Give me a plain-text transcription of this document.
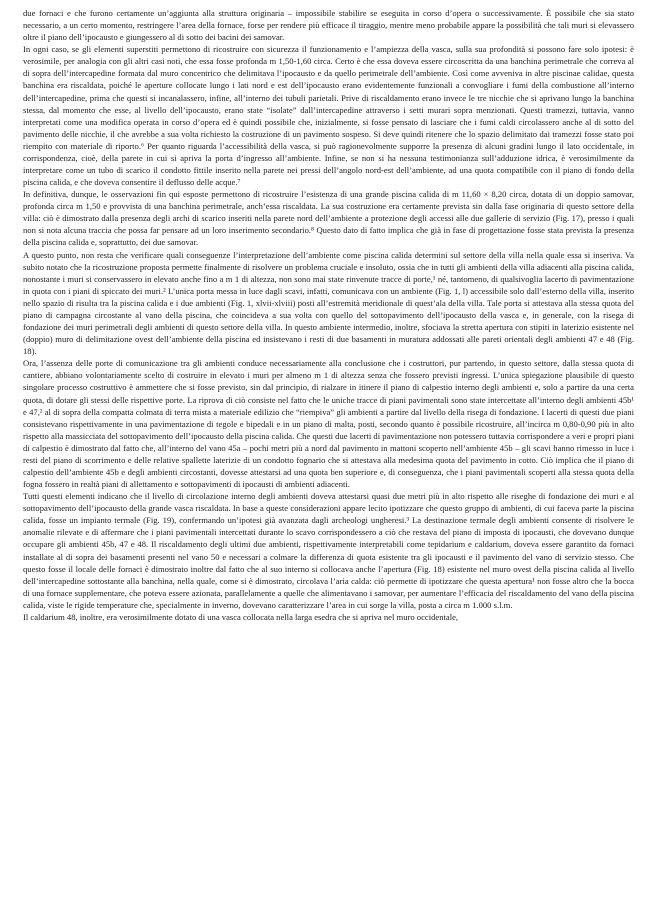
due fornaci e che furono certamente un’aggiunta alla struttura originaria – impossibile stabilire se eseguita in corso d’opera o successivamente. È possibile che sia stato necessario, a un certo momento, restringere l’area della fornace, forse per rendere più efficace il tiraggio, mentre meno probabile appare la possibilità che tali muri si elevassero oltre il piano dell’ipocausto e giungessero al di sotto dei bacini dei samovar.

In ogni caso, se gli elementi superstiti permettono di ricostruire con sicurezza il funzionamento e l’ampiezza della vasca, sulla sua profondità si possono fare solo ipotesi: è verosimile, per analogia con gli altri casi noti, che essa fosse profonda m 1,50-1,60 circa. Certo è che essa doveva essere circoscritta da una banchina perimetrale che correva al di sopra dell’intercapedine formata dal muro concentrico che delimitava l’ipocausto e da quello perimetrale dell’ambiente. Così come avveniva in altre piscinae calidae, questa banchina era riscaldata, poiché le aperture collocate lungo i lati nord e est dell’ipocausto erano evidentemente funzionali a convogliare i fumi della combustione all’interno dell’intercapedine, prima che questi si incanalassero, infine, all’interno dei tubuli parietali. Prive di riscaldamento erano invece le tre nicchie che si aprivano lungo la banchina stessa, dal momento che esse, al livello dell’ipocausto, erano state “isolate” dall’intercapedine attraverso i setti murari sopra menzionati. Questi tramezzi, tuttavia, vanno interpretati come una modifica operata in corso d’opera ed è quindi possibile che, inizialmente, si fosse pensato di lasciare che i fumi caldi circolassero anche al di sotto del pavimento delle nicchie, il che avrebbe a sua volta richiesto la costruzione di un pavimento sospeso. Si deve quindi ritenere che lo spazio delimitato dai tramezzi fosse stato poi riempito con materiale di riporto.⁶ Per quanto riguarda l’accessibilità della vasca, si può ragionevolmente supporre la presenza di alcuni gradini lungo il lato occidentale, in corrispondenza, cioè, della parete in cui si apriva la porta d’ingresso all’ambiente. Infine, se non si ha nessuna testimonianza sull’adduzione idrica, è verosimilmente da interpretare come un tubo di scarico il condotto fittile inserito nella parete nei pressi dell’angolo nord-est dell’ambiente, ad una quota compatibile con il piano di fondo della piscina calida, e che doveva consentire il deflusso delle acque.⁷

In definitiva, dunque, le osservazioni fin qui esposte permettono di ricostruire l’esistenza di una grande piscina calida di m 11,60 × 8,20 circa, dotata di un doppio samovar, profonda circa m 1,50 e provvista di una banchina perimetrale, anch’essa riscaldata. La sua costruzione era certamente prevista sin dalla fase originaria di questo settore della villa: ciò è dimostrato dalla presenza degli archi di scarico inseriti nella parete nord dell’ambiente a protezione degli accessi alle due gallerie di servizio (Fig. 17), presso i quali non si nota alcuna traccia che possa far pensare ad un loro inserimento secondario.⁸ Questo dato di fatto implica che già in fase di progettazione fosse stata prevista la presenza della piscina calida e, soprattutto, dei due samovar.

A questo punto, non resta che verificare quali conseguenze l’interpretazione dell’ambiente come piscina calida determini sul settore della villa nella quale essa si inseriva. Va subito notato che la ricostruzione proposta permette finalmente di risolvere un problema cruciale e insoluto, ossia che in tutti gli ambienti della villa adiacenti alla piscina calida, nonostante i muri si conservassero in elevato anche fino a m 1 di altezza, non sono mai state rinvenute tracce di porte,¹ né, tantomeno, di qualsivoglia lacerto di pavimentazione in quota con i piani di spiccato dei muri.² L’unica porta messa in luce dagli scavi, infatti, comunicava con un ambiente (Fig. 1, l) accessibile solo dall’esterno della villa, inserito nello spazio di risulta tra la piscina calida e i due ambienti (Fig. 1, xlvii-xlviii) posti all’estremità meridionale di quest’ala della villa. Tale porta si attestava alla stessa quota del piano di campagna circostante al vano della piscina, che coincideva a sua volta con quello del sottopavimento dell’ipocausto della vasca e, in generale, con la risega di fondazione dei muri perimetrali degli ambienti di questo settore della villa. In questo ambiente intermedio, inoltre, sfociava la stretta apertura con stipiti in laterizio esistente nel (doppio) muro di delimitazione ovest dell’ambiente della piscina ed insistevano i resti di due basamenti in muratura addossati alle pareti orientali degli ambienti 47 e 48 (Fig. 18).

Ora, l’assenza delle porte di comunicazione tra gli ambienti conduce necessariamente alla conclusione che i costruttori, pur partendo, in questo settore, dalla stessa quota di cantiere, abbiano volontariamente scelto di costruire in elevato i muri per almeno m 1 di altezza senza che fossero previsti ingressi. L’unica spiegazione plausibile di questo singolare processo costruttivo è ammettere che si fosse previsto, sin dal principio, di rialzare in itinere il piano di calpestio interno degli ambienti e, solo a partire da una certa quota, di dotare gli stessi delle rispettive porte. La riprova di ciò consiste nel fatto che le uniche tracce di piani pavimentali sono state intercettate all’interno degli ambienti 45b¹ e 47,² al di sopra della compatta colmata di terra mista a materiale edilizio che “riempiva” gli ambienti a partire dal livello della risega di fondazione. I lacerti di questi due piani consistevano rispettivamente in una pavimentazione di tegole e bipedali e in un piano di malta, posti, secondo quanto è possibile ricostruire, all’incirca m 0,80-0,90 più in alto rispetto alla massicciata del sottopavimento dell’ipocausto della piscina calida. Che questi due lacerti di pavimentazione non potessero tuttavia corrispondere a veri e propri piani di calpestio è dimostrato dal fatto che, all’interno del vano 45a – pochi metri più a nord dal pavimento in mattoni scoperto nell’ambiente 45b – gli scavi hanno rimesso in luce i resti del piano di scorrimento e delle relative spallette laterizie di un condotto fognario che si attestava alla medesima quota del pavimento in cotto. Ciò implica che il piano di calpestio dell’ambiente 45b e degli ambienti circostanti, dovesse attestarsi ad una quota ben superiore e, di conseguenza, che i piani pavimentali scoperti alla stessa quota della fogna fossero in realtà piani di allettamento e sottopavimenti di ipocausti di ambienti adiacenti.

Tutti questi elementi indicano che il livello di circolazione interno degli ambienti doveva attestarsi quasi due metri più in alto rispetto alle riseghe di fondazione dei muri e al sottopavimento dell’ipocausto della grande vasca riscaldata. In base a queste considerazioni appare lecito ipotizzare che questo gruppo di ambienti, di cui faceva parte la piscina calida, fosse un impianto termale (Fig. 19), confermando un’ipotesi già avanzata dagli archeologi ungheresi.³ La destinazione termale degli ambienti consente di risolvere le anomalie rilevate e di affermare che i piani pavimentali intercettati durante lo scavo corrispondessero a ciò che restava del piano di imposta di ipocausti, che dovevano dunque occupare gli ambienti 45b, 47 e 48. Il riscaldamento degli ultimi due ambienti, rispettivamente interpretabili come tepidarium e caldarium, doveva essere garantito da fornaci installate al di sopra dei basamenti presenti nel vano 50 e necessari a colmare la differenza di quota esistente tra gli ipocausti e il pavimento del vano di servizio stesso. Che questo fosse il locale delle fornaci è dimostrato inoltre dal fatto che al suo interno si collocava anche l’apertura (Fig. 18) esistente nel muro ovest della piscina calida al livello dell’intercapedine sottostante alla banchina, nella quale, come si è dimostrato, circolava l’aria calda: ciò permette di ipotizzare che questa apertura¹ non fosse altro che la bocca di una fornace supplementare, che poteva essere azionata, parallelamente a quelle che alimentavano i samovar, per aumentare l’efficacia del riscaldamento del vano della piscina calida, viste le rigide temperature che, specialmente in inverno, dovevano caratterizzare l’area in cui sorge la villa, posta a circa m 1.000 s.l.m.

Il caldarium 48, inoltre, era verosimilmente dotato di una vasca collocata nella larga esedra che si apriva nel muro occidentale,
